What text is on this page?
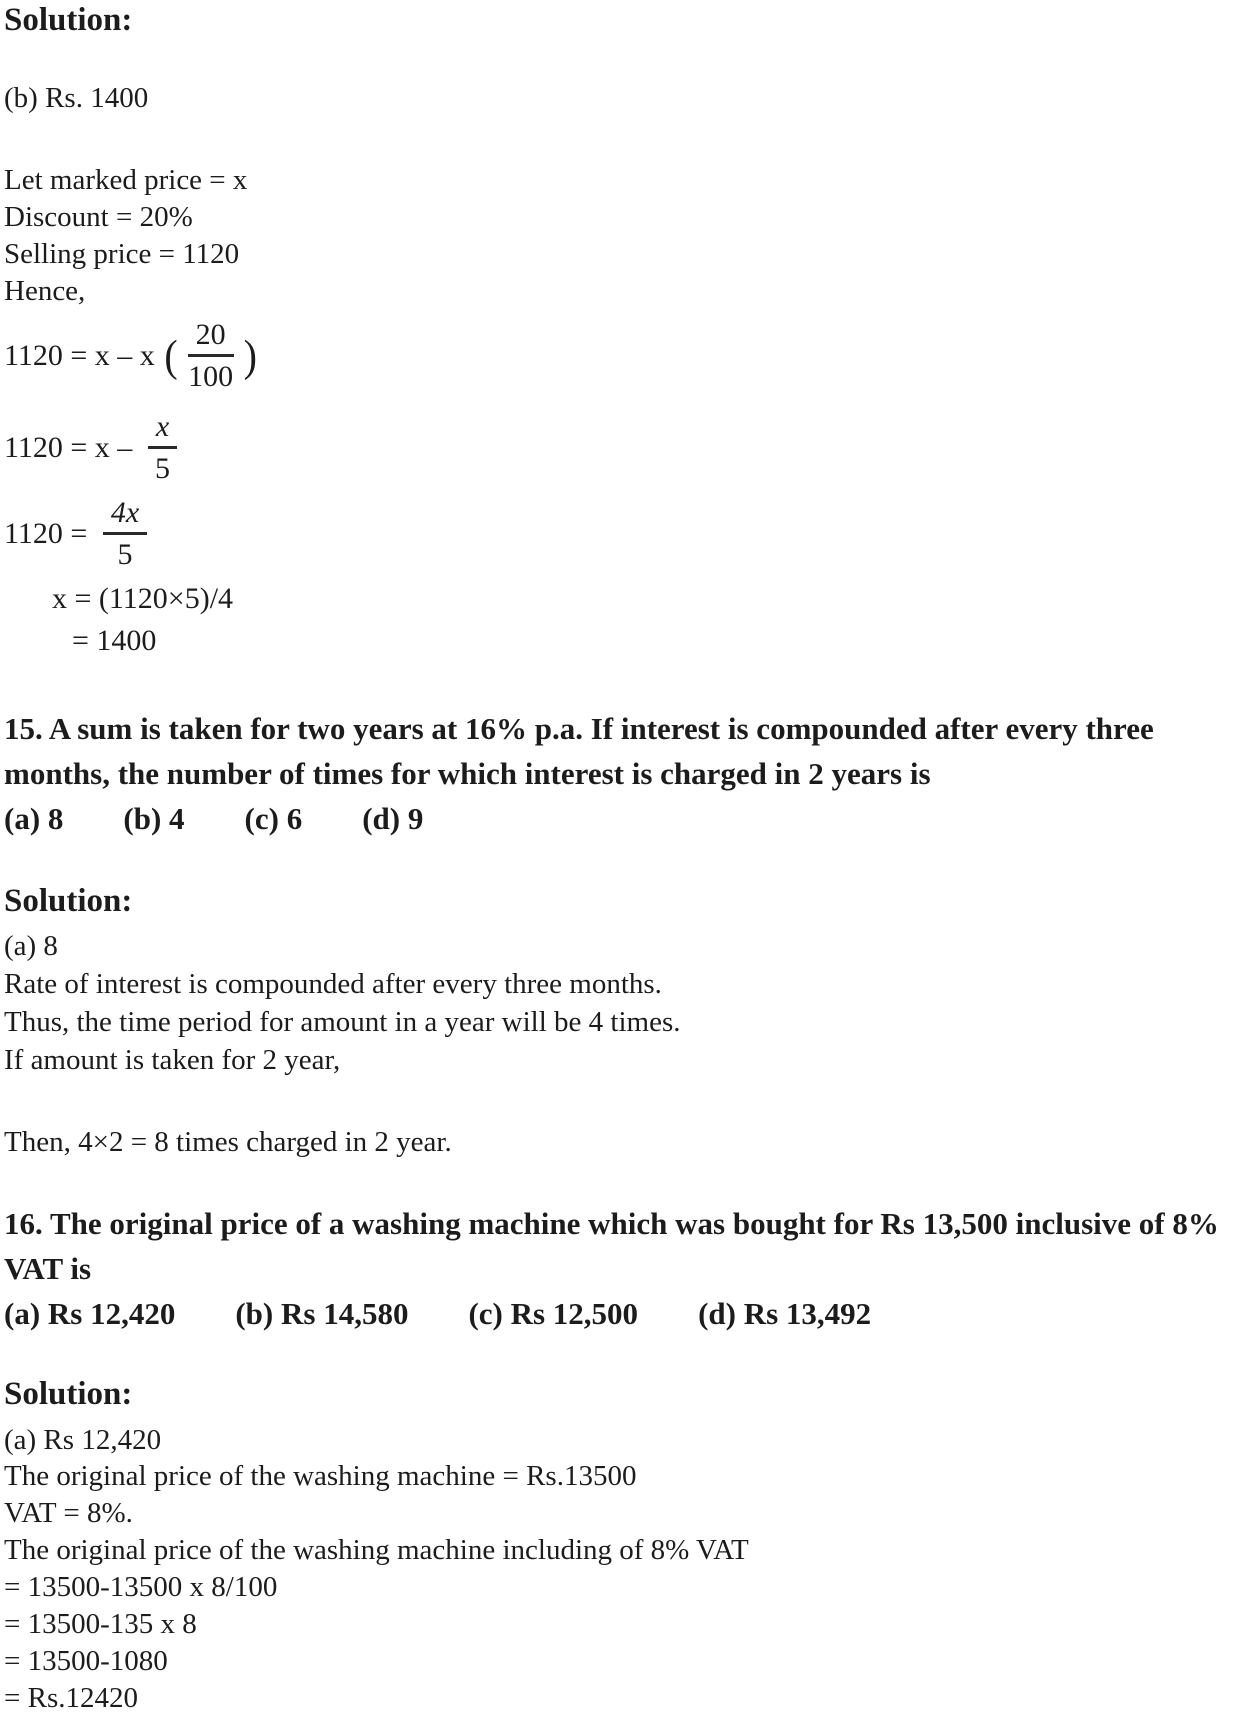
Solution:
(b) Rs. 1400
Let marked price = x
Discount = 20%
Selling price = 1120
Hence,
1120 = x – x ( $\frac{20}{100}$ )
$1120 = x - \frac{x}{5}$
$1120 = \frac{4x}{5}$
x = (1120×5)/4
= 1400

15. A sum is taken for two years at 16% p.a. If interest is compounded after every three months, the number of times for which interest is charged in 2 years is

(a) 8 (b) 4 (c) 6 (d) 9
Solution:
(a) 8
Rate of interest is compounded after every three months.
Thus, the time period for amount in a year will be 4 times.
If amount is taken for 2 year,
Then, 4×2 = 8 times charged in 2 year.

16. The original price of a washing machine which was bought for Rs 13,500 inclusive of 8% VAT is

(a) Rs 12,420 (b) Rs 14,580 (c) Rs 12,500 (d) Rs 13,492
Solution:
(a) Rs 12,420
The original price of the washing machine = Rs.13500
VAT = 8%.
The original price of the washing machine including of 8% VAT
= 13500-13500 x 8/100
= 13500-135 x 8
= 13500-1080
= Rs.12420
